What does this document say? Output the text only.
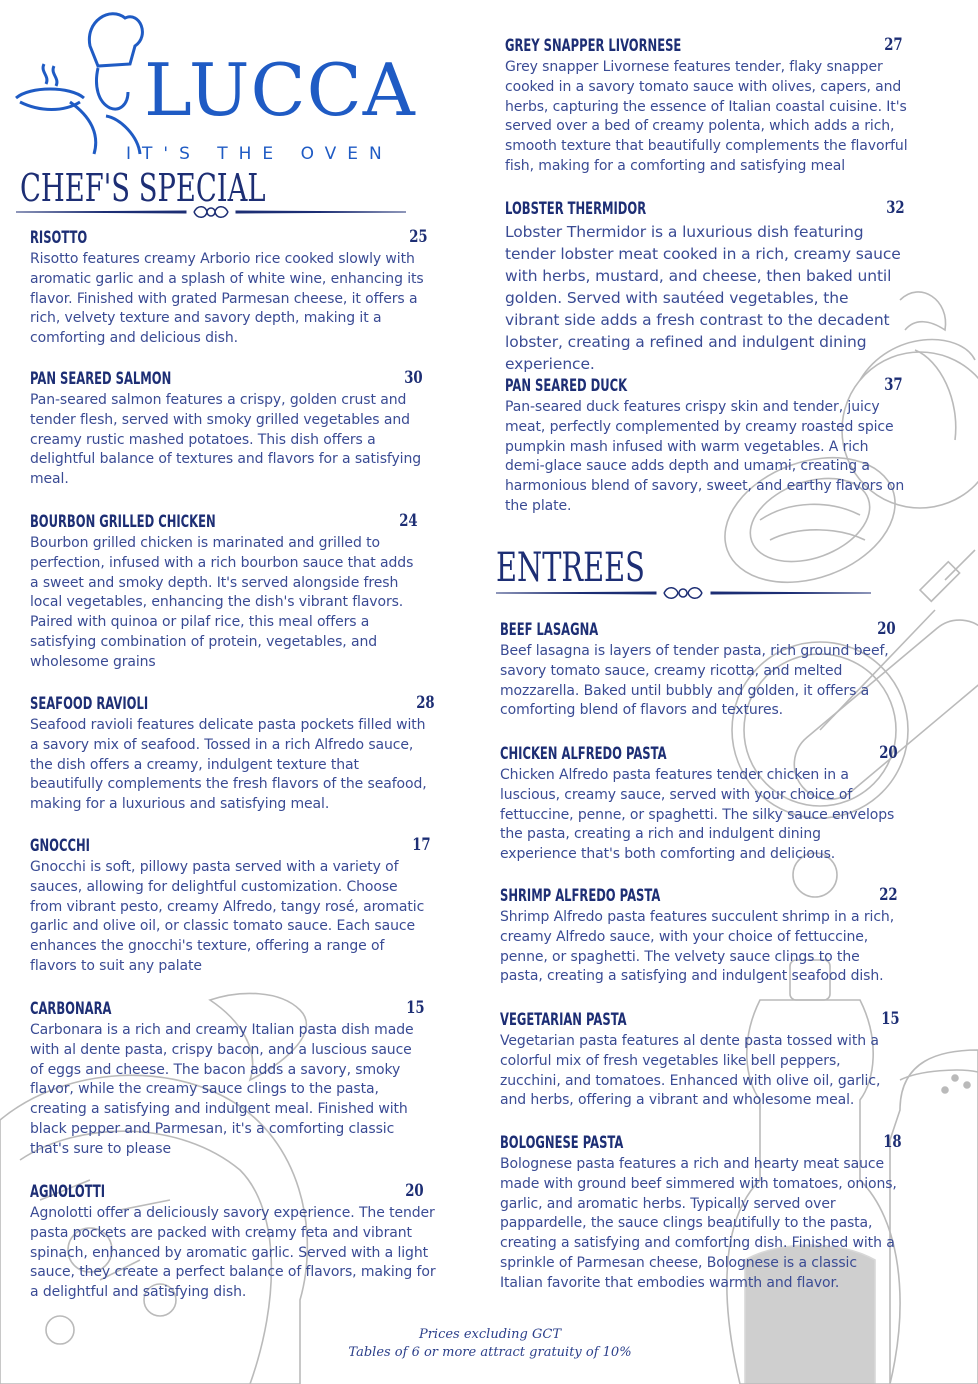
LUCCA
IT'S THE OVEN
CHEF'S SPECIAL
RISOTTO	25

Risotto features creamy Arborio rice cooked slowly with aromatic garlic and a splash of white wine, enhancing its flavor. Finished with grated Parmesan cheese, it offers a rich, velvety texture and savory depth, making it a comforting and delicious dish.

PAN SEARED SALMON	30

Pan-seared salmon features a crispy, golden crust and tender flesh, served with smoky grilled vegetables and creamy rustic mashed potatoes. This dish offers a delightful balance of textures and flavors for a satisfying meal.

BOURBON GRILLED CHICKEN	24

Bourbon grilled chicken is marinated and grilled to perfection, infused with a rich bourbon sauce that adds a sweet and smoky depth. It's served alongside fresh local vegetables, enhancing the dish's vibrant flavors. Paired with quinoa or pilaf rice, this meal offers a satisfying combination of protein, vegetables, and wholesome grains

SEAFOOD RAVIOLI	28

Seafood ravioli features delicate pasta pockets filled with a savory mix of seafood. Tossed in a rich Alfredo sauce, the dish offers a creamy, indulgent texture that beautifully complements the fresh flavors of the seafood, making for a luxurious and satisfying meal.

GNOCCHI	17

Gnocchi is soft, pillowy pasta served with a variety of sauces, allowing for delightful customization. Choose from vibrant pesto, creamy Alfredo, tangy rosé, aromatic garlic and olive oil, or classic tomato sauce. Each sauce enhances the gnocchi's texture, offering a range of flavors to suit any palate

CARBONARA	15

Carbonara is a rich and creamy Italian pasta dish made with al dente pasta, crispy bacon, and a luscious sauce of eggs and cheese. The bacon adds a savory, smoky flavor, while the creamy sauce clings to the pasta, creating a satisfying and indulgent meal. Finished with black pepper and Parmesan, it's a comforting classic that's sure to please

AGNOLOTTI	20

Agnolotti offer a deliciously savory experience. The tender pasta pockets are packed with creamy feta and vibrant spinach, enhanced by aromatic garlic. Served with a light sauce, they create a perfect balance of flavors, making for a delightful and satisfying dish.

GREY SNAPPER LIVORNESE	27

Grey snapper Livornese features tender, flaky snapper cooked in a savory tomato sauce with olives, capers, and herbs, capturing the essence of Italian coastal cuisine. It's served over a bed of creamy polenta, which adds a rich, smooth texture that beautifully complements the flavorful fish, making for a comforting and satisfying meal

LOBSTER THERMIDOR	32

Lobster Thermidor is a luxurious dish featuring tender lobster meat cooked in a rich, creamy sauce with herbs, mustard, and cheese, then baked until golden. Served with sautéed vegetables, the vibrant side adds a fresh contrast to the decadent lobster, creating a refined and indulgent dining experience.

PAN SEARED DUCK	37

Pan-seared duck features crispy skin and tender, juicy meat, perfectly complemented by creamy roasted spice pumpkin mash infused with warm vegetables. A rich demi-glace sauce adds depth and umami, creating a harmonious blend of savory, sweet, and earthy flavors on the plate.

ENTREES
BEEF LASAGNA	20

Beef lasagna is layers of tender pasta, rich ground beef, savory tomato sauce, creamy ricotta, and melted mozzarella. Baked until bubbly and golden, it offers a comforting blend of flavors and textures.

CHICKEN ALFREDO PASTA	20

Chicken Alfredo pasta features tender chicken in a luscious, creamy sauce, served with your choice of fettuccine, penne, or spaghetti. The silky sauce envelops the pasta, creating a rich and indulgent dining experience that's both comforting and delicious.

SHRIMP ALFREDO PASTA	22

Shrimp Alfredo pasta features succulent shrimp in a rich, creamy Alfredo sauce, with your choice of fettuccine, penne, or spaghetti. The velvety sauce clings to the pasta, creating a satisfying and indulgent seafood dish.

VEGETARIAN PASTA	15

Vegetarian pasta features al dente pasta tossed with a colorful mix of fresh vegetables like bell peppers, zucchini, and tomatoes. Enhanced with olive oil, garlic, and herbs, offering a vibrant and wholesome meal.

BOLOGNESE PASTA	18

Bolognese pasta features a rich and hearty meat sauce made with ground beef simmered with tomatoes, onions, garlic, and aromatic herbs. Typically served over pappardelle, the sauce clings beautifully to the pasta, creating a satisfying and comforting dish. Finished with a sprinkle of Parmesan cheese, Bolognese is a classic Italian favorite that embodies warmth and flavor.

Prices excluding GCT
Tables of 6 or more attract gratuity of 10%
